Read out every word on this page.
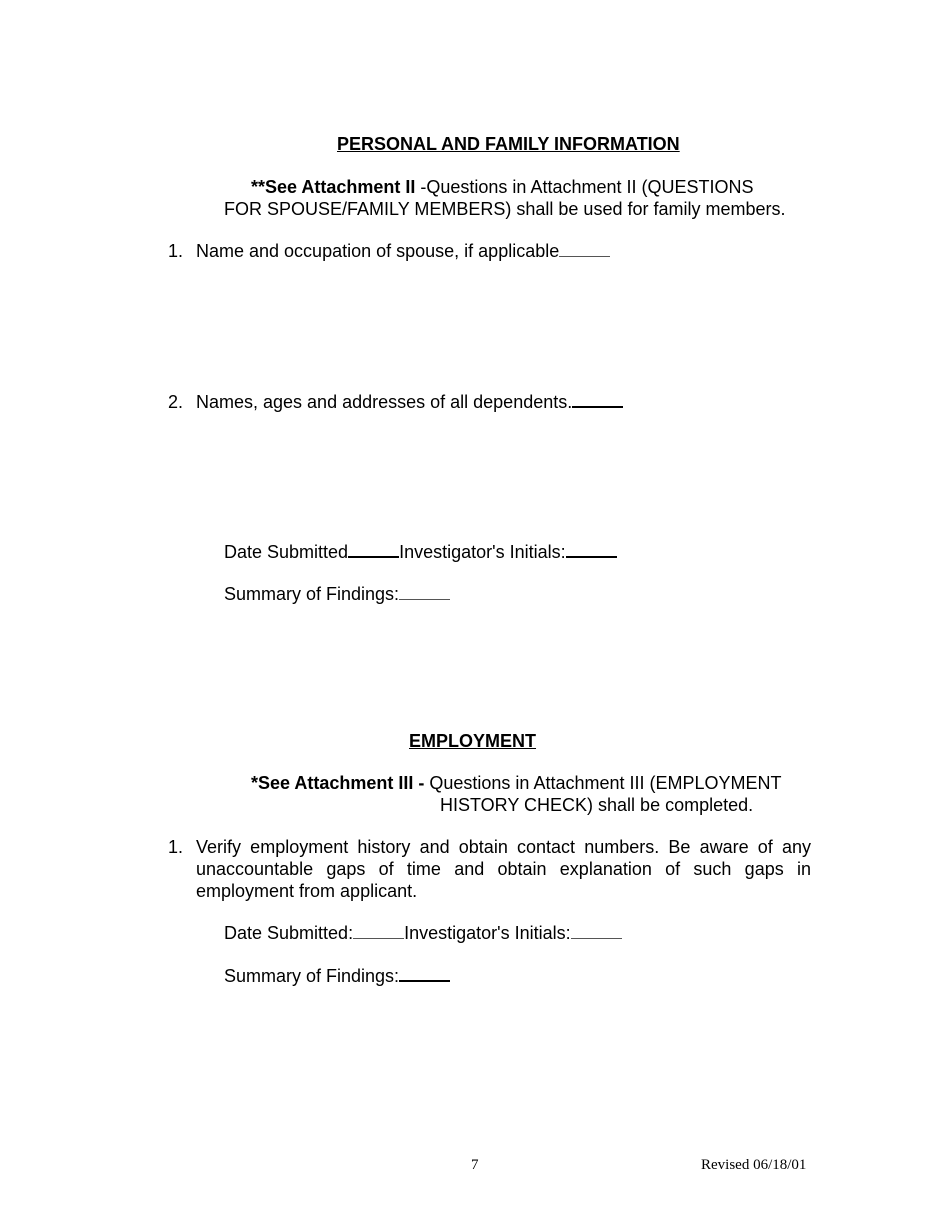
PERSONAL AND FAMILY INFORMATION
**See Attachment II -Questions in Attachment II (QUESTIONS
FOR SPOUSE/FAMILY MEMBERS) shall be used for family members.
1. Name and occupation of spouse, if applicable
2. Names, ages and addresses of all dependents.
Date Submitted	Investigator's Initials:
Summary of Findings:
EMPLOYMENT
*See Attachment III - Questions in Attachment III (EMPLOYMENT
HISTORY CHECK) shall be completed.
1. Verify employment history and obtain contact numbers. Be aware of any unaccountable gaps of time and obtain explanation of such gaps in employment from applicant.
Date Submitted:	Investigator's Initials:
Summary of Findings:
7	Revised 06/18/01
